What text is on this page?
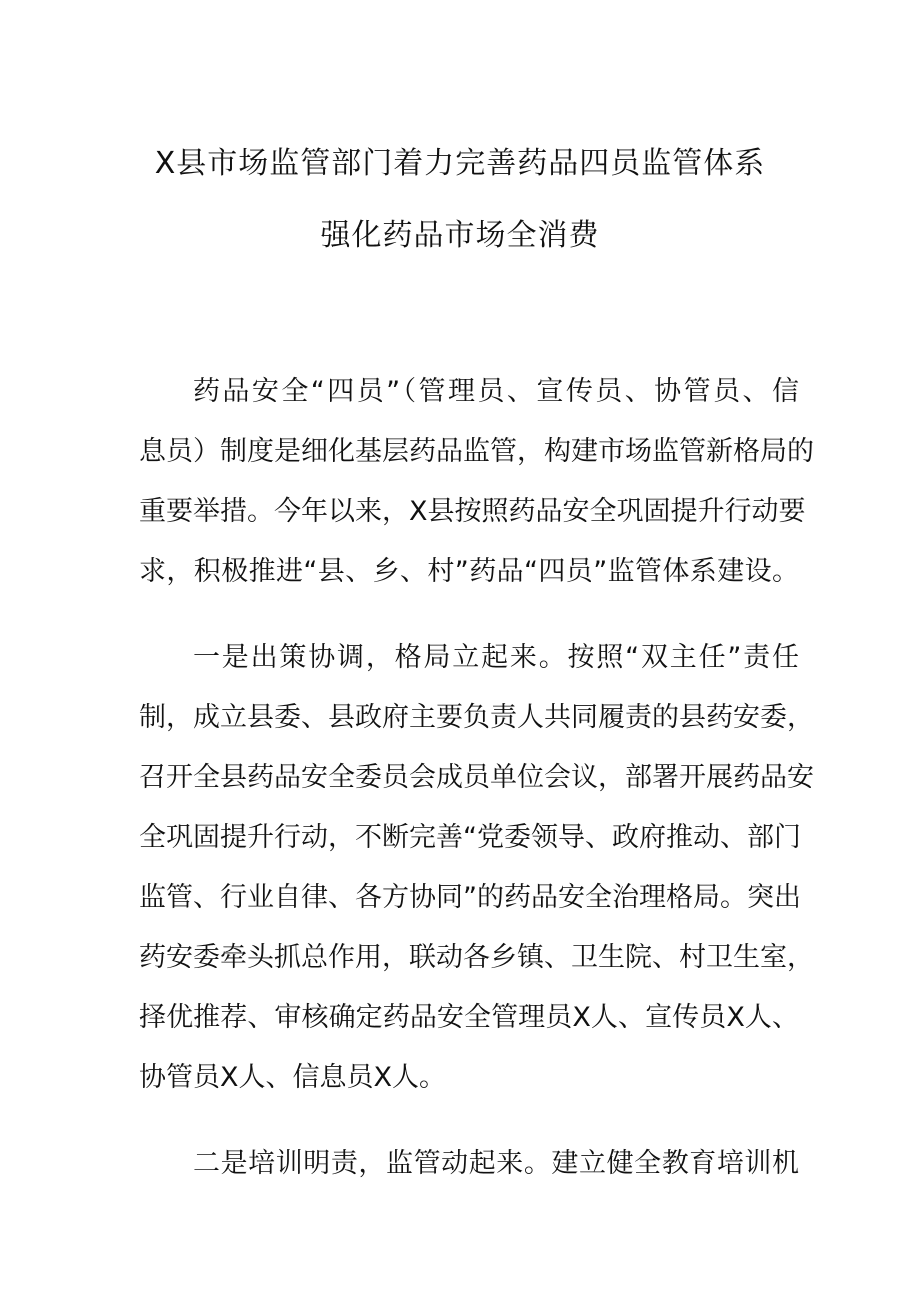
X县市场监管部门着力完善药品四员监管体系
强化药品市场全消费
药品安全“四员”（管理员、宣传员、协管员、信
息员）制度是细化基层药品监管，构建市场监管新格局的
重要举措。今年以来，X县按照药品安全巩固提升行动要
求，积极推进“县、乡、村”药品“四员”监管体系建设。
一是出策协调，格局立起来。按照“双主任”责任
制，成立县委、县政府主要负责人共同履责的县药安委，
召开全县药品安全委员会成员单位会议，部署开展药品安
全巩固提升行动，不断完善“党委领导、政府推动、部门
监管、行业自律、各方协同”的药品安全治理格局。突出
药安委牵头抓总作用，联动各乡镇、卫生院、村卫生室，
择优推荐、审核确定药品安全管理员X人、宣传员X人、
协管员X人、信息员X人。
二是培训明责，监管动起来。建立健全教育培训机
